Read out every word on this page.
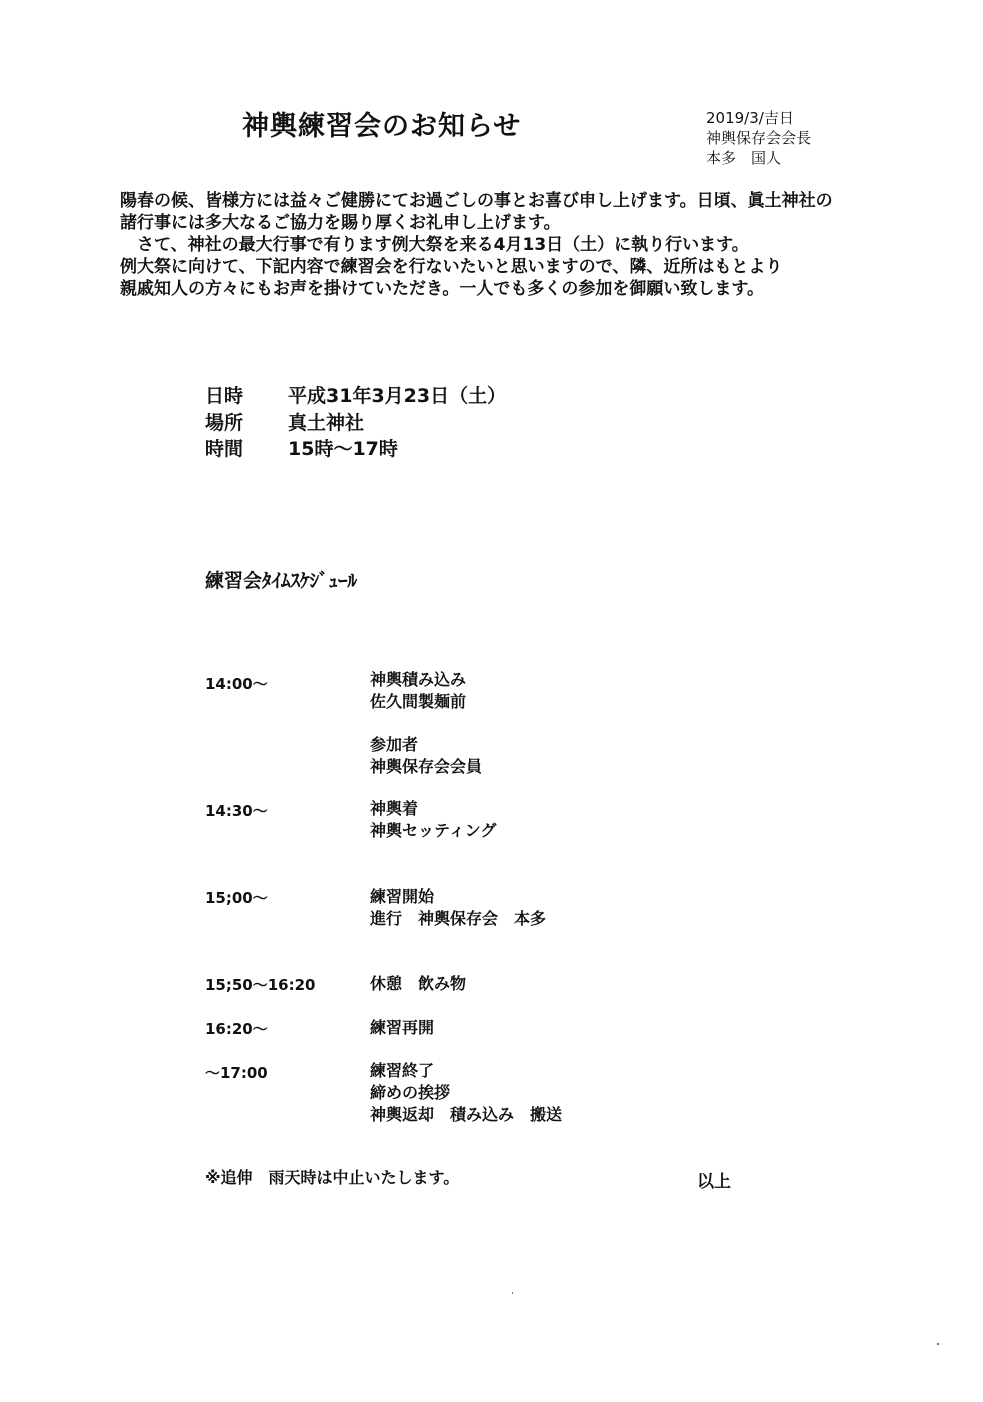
神輿練習会のお知らせ	2019/3/吉日
神輿保存会会長
本多　国人
陽春の候、皆様方には益々ご健勝にてお過ごしの事とお喜び申し上げます。日頃、眞土神社の
諸行事には多大なるご協力を賜り厚くお礼申し上げます。
　さて、神社の最大行事で有ります例大祭を来る4月13日（土）に執り行います。
例大祭に向けて、下記内容で練習会を行ないたいと思いますので、隣、近所はもとより
親戚知人の方々にもお声を掛けていただき。一人でも多くの参加を御願い致します。
日時 平成31年3月23日（土）
場所 真土神社
時間 15時～17時
練習会ﾀｲﾑｽｹｼﾞｭｰﾙ
14:00～	神輿積み込み
佐久間製麺前
参加者
神輿保存会会員
14:30～	神輿着
神輿セッティング
15;00～	練習開始
進行　神輿保存会　本多
15;50～16:20	休憩　飲み物
16:20～	練習再開
～17:00	練習終了
締めの挨拶
神輿返却　積み込み　搬送
※追伸　雨天時は中止いたします。	以上
